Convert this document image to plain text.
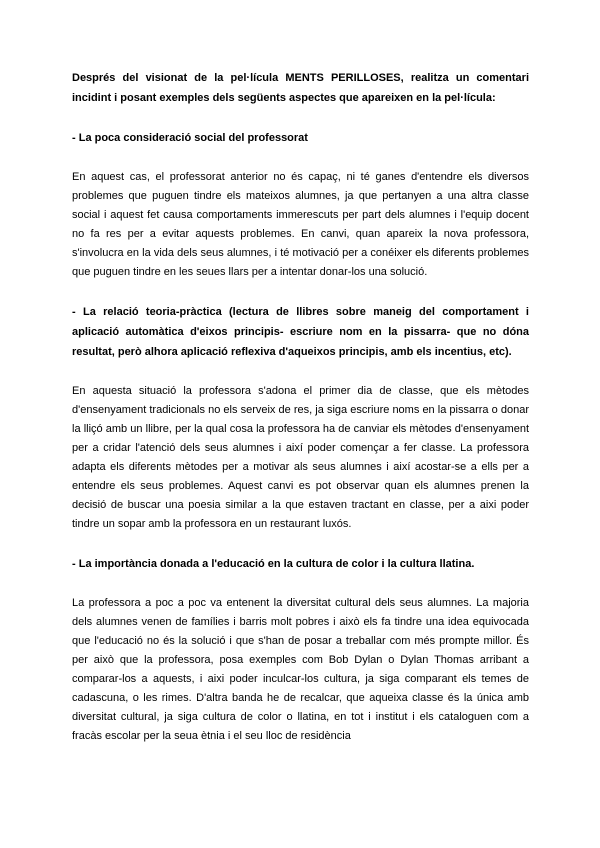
Després del visionat de la pel·lícula MENTS PERILLOSES, realitza un comentari incidint i posant exemples dels següents aspectes que apareixen en la pel·lícula:

- La poca consideració social del professorat

En aquest cas, el professorat anterior no és capaç, ni té ganes d'entendre els diversos problemes que puguen tindre els mateixos alumnes, ja que pertanyen a una altra classe social i aquest fet causa comportaments immerescuts per part dels alumnes i l'equip docent no fa res per a evitar aquests problemes. En canvi, quan apareix la nova professora, s'involucra en la vida dels seus alumnes, i té motivació per a conéixer els diferents problemes que puguen tindre en les seues llars per a intentar donar-los una solució.

- La relació teoria-pràctica (lectura de llibres sobre maneig del comportament i aplicació automàtica d'eixos principis- escriure nom en la pissarra- que no dóna resultat, però alhora aplicació reflexiva d'aqueixos principis, amb els incentius, etc).

En aquesta situació la professora s'adona el primer dia de classe, que els mètodes d'ensenyament tradicionals no els serveix de res, ja siga escriure noms en la pissarra o donar la lliçó amb un llibre, per la qual cosa la professora ha de canviar els mètodes d'ensenyament per a cridar l'atenció dels seus alumnes i així poder començar a fer classe. La professora adapta els diferents mètodes per a motivar als seus alumnes i així acostar-se a ells per a entendre els seus problemes. Aquest canvi es pot observar quan els alumnes prenen la decisió de buscar una poesia similar a la que estaven tractant en classe, per a aixi poder tindre un sopar amb la professora en un restaurant luxós.

- La importància donada a l'educació en la cultura de color i la cultura llatina.

La professora a poc a poc va entenent la diversitat cultural dels seus alumnes. La majoria dels alumnes venen de famílies i barris molt pobres i això els fa tindre una idea equivocada que l'educació no és la solució i que s'han de posar a treballar com més prompte millor. És per això que la professora, posa exemples com Bob Dylan o Dylan Thomas arribant a comparar-los a aquests, i aixi poder inculcar-los cultura, ja siga comparant els temes de cadascuna, o les rimes. D'altra banda he de recalcar, que aqueixa classe és la única amb diversitat cultural, ja siga cultura de color o llatina, en tot i institut i els cataloguen com a fracàs escolar per la seua ètnia i el seu lloc de residència
